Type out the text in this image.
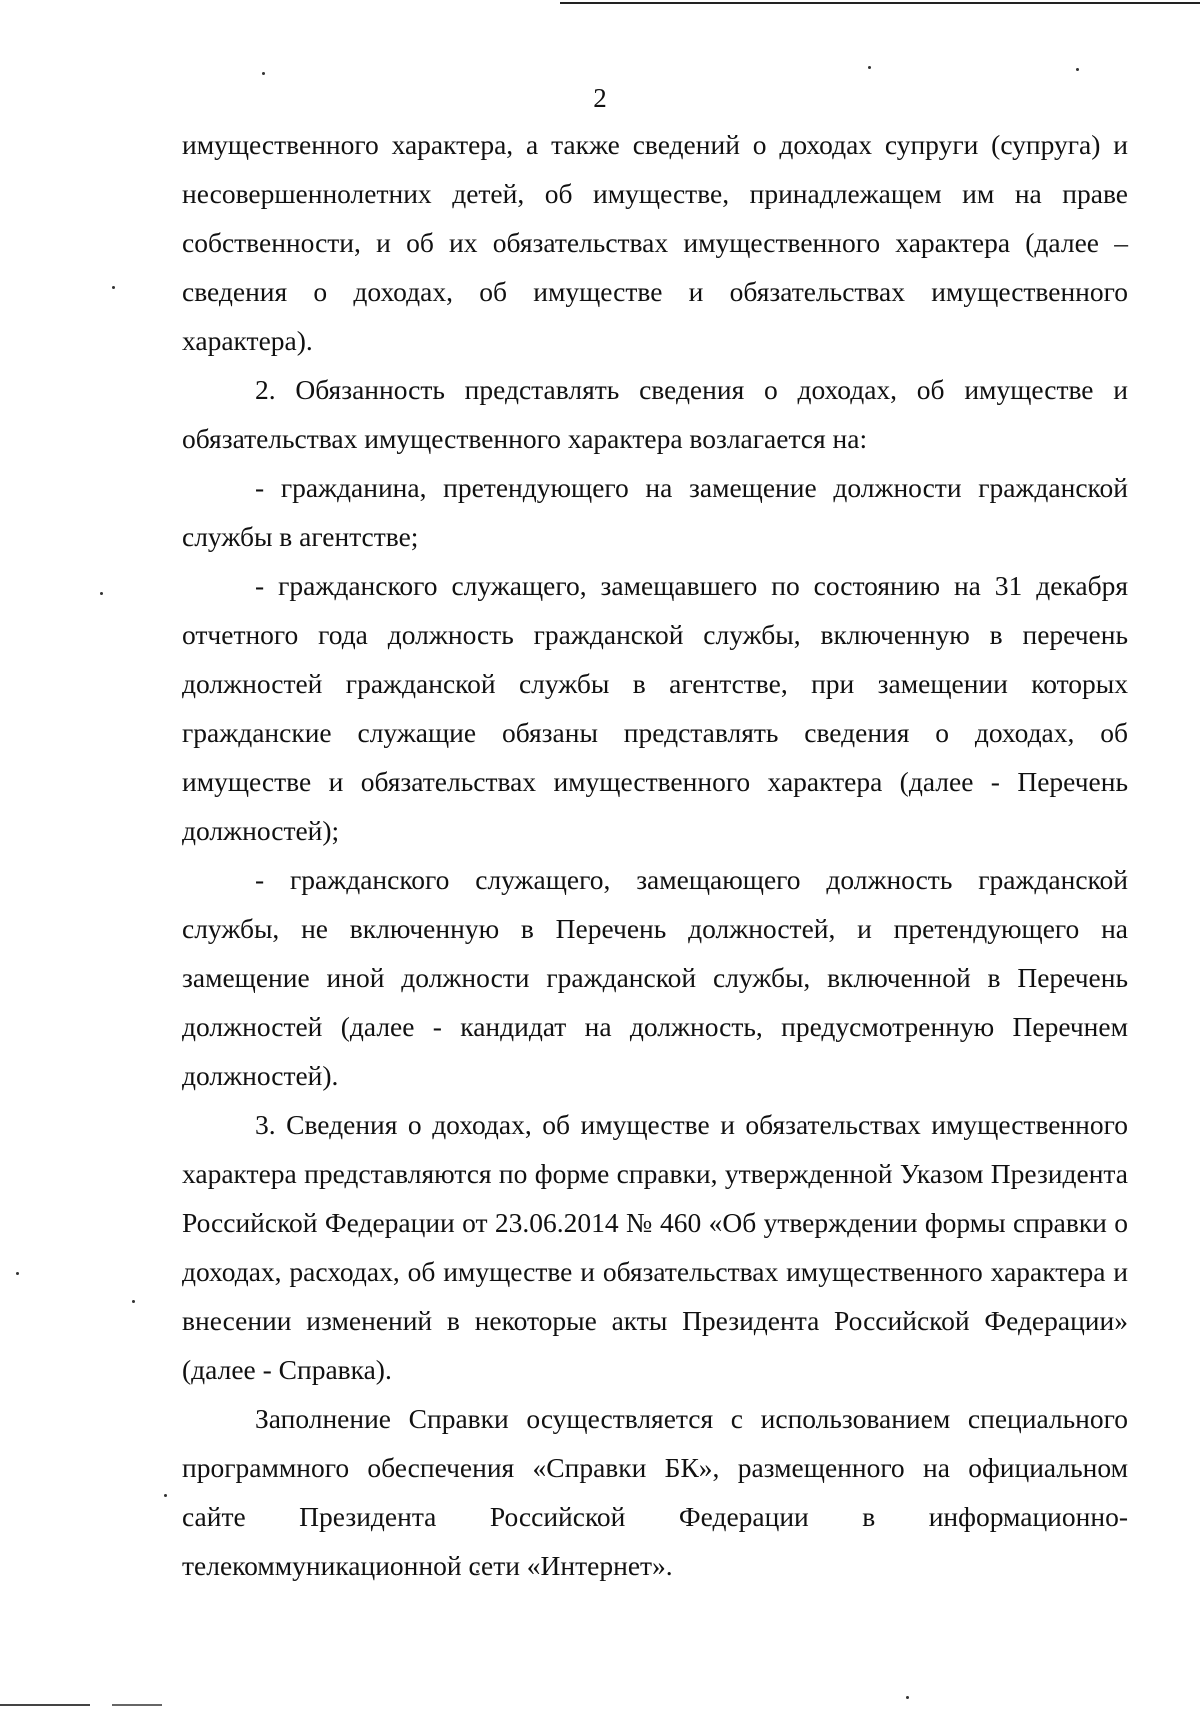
2

имущественного характера, а также сведений о доходах супруги (супруга) и несовершеннолетних детей, об имуществе, принадлежащем им на праве собственности, и об их обязательствах имущественного характера (далее – сведения о доходах, об имуществе и обязательствах имущественного характера).

2. Обязанность представлять сведения о доходах, об имуществе и обязательствах имущественного характера возлагается на:

- гражданина, претендующего на замещение должности гражданской службы в агентстве;

- гражданского служащего, замещавшего по состоянию на 31 декабря отчетного года должность гражданской службы, включенную в перечень должностей гражданской службы в агентстве, при замещении которых гражданские служащие обязаны представлять сведения о доходах, об имуществе и обязательствах имущественного характера (далее - Перечень должностей);

- гражданского служащего, замещающего должность гражданской службы, не включенную в Перечень должностей, и претендующего на замещение иной должности гражданской службы, включенной в Перечень должностей (далее - кандидат на должность, предусмотренную Перечнем должностей).

3. Сведения о доходах, об имуществе и обязательствах имущественного характера представляются по форме справки, утвержденной Указом Президента Российской Федерации от 23.06.2014 № 460 «Об утверждении формы справки о доходах, расходах, об имуществе и обязательствах имущественного характера и внесении изменений в некоторые акты Президента Российской Федерации» (далее - Справка).

Заполнение Справки осуществляется с использованием специального программного обеспечения «Справки БК», размещенного на официальном сайте Президента Российской Федерации в информационно-телекоммуникационной сети «Интернет».
